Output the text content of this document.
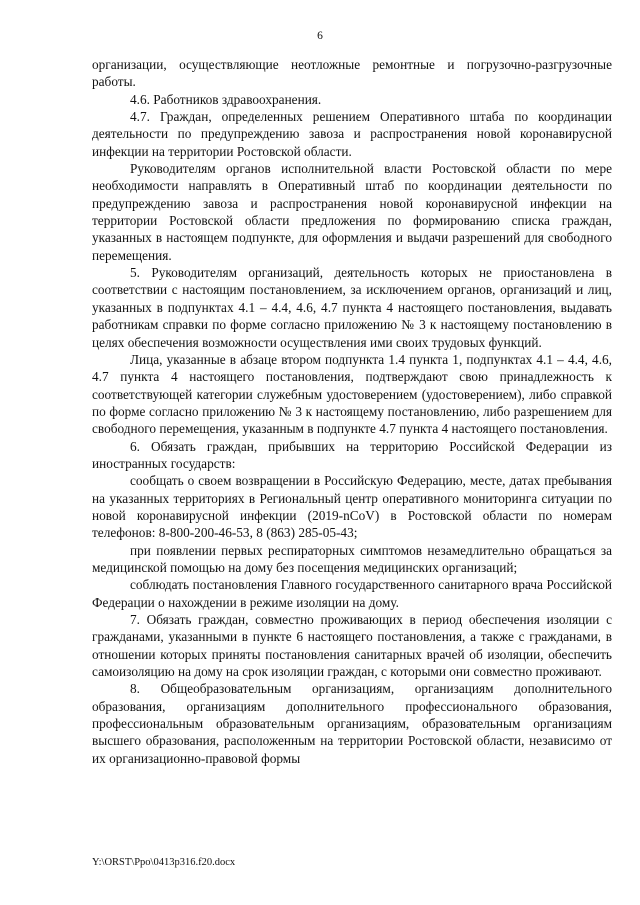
6

организации, осуществляющие неотложные ремонтные и погрузочно-разгрузочные работы.

4.6. Работников здравоохранения.

4.7. Граждан, определенных решением Оперативного штаба по координации деятельности по предупреждению завоза и распространения новой коронавирусной инфекции на территории Ростовской области.

Руководителям органов исполнительной власти Ростовской области по мере необходимости направлять в Оперативный штаб по координации деятельности по предупреждению завоза и распространения новой коронавирусной инфекции на территории Ростовской области предложения по формированию списка граждан, указанных в настоящем подпункте, для оформления и выдачи разрешений для свободного перемещения.

5. Руководителям организаций, деятельность которых не приостановлена в соответствии с настоящим постановлением, за исключением органов, организаций и лиц, указанных в подпунктах 4.1 – 4.4, 4.6, 4.7 пункта 4 настоящего постановления, выдавать работникам справки по форме согласно приложению № 3 к настоящему постановлению в целях обеспечения возможности осуществления ими своих трудовых функций.

Лица, указанные в абзаце втором подпункта 1.4 пункта 1, подпунктах 4.1 – 4.4, 4.6, 4.7 пункта 4 настоящего постановления, подтверждают свою принадлежность к соответствующей категории служебным удостоверением (удостоверением), либо справкой по форме согласно приложению № 3 к настоящему постановлению, либо разрешением для свободного перемещения, указанным в подпункте 4.7 пункта 4 настоящего постановления.

6. Обязать граждан, прибывших на территорию Российской Федерации из иностранных государств:

сообщать о своем возвращении в Российскую Федерацию, месте, датах пребывания на указанных территориях в Региональный центр оперативного мониторинга ситуации по новой коронавирусной инфекции (2019-nCoV) в Ростовской области по номерам телефонов: 8-800-200-46-53, 8 (863) 285-05-43;

при появлении первых респираторных симптомов незамедлительно обращаться за медицинской помощью на дому без посещения медицинских организаций;

соблюдать постановления Главного государственного санитарного врача Российской Федерации о нахождении в режиме изоляции на дому.

7. Обязать граждан, совместно проживающих в период обеспечения изоляции с гражданами, указанными в пункте 6 настоящего постановления, а также с гражданами, в отношении которых приняты постановления санитарных врачей об изоляции, обеспечить самоизоляцию на дому на срок изоляции граждан, с которыми они совместно проживают.

8. Общеобразовательным организациям, организациям дополнительного образования, организациям дополнительного профессионального образования, профессиональным образовательным организациям, образовательным организациям высшего образования, расположенным на территории Ростовской области, независимо от их организационно-правовой формы

Y:\ORST\Ppo\0413p316.f20.docx
